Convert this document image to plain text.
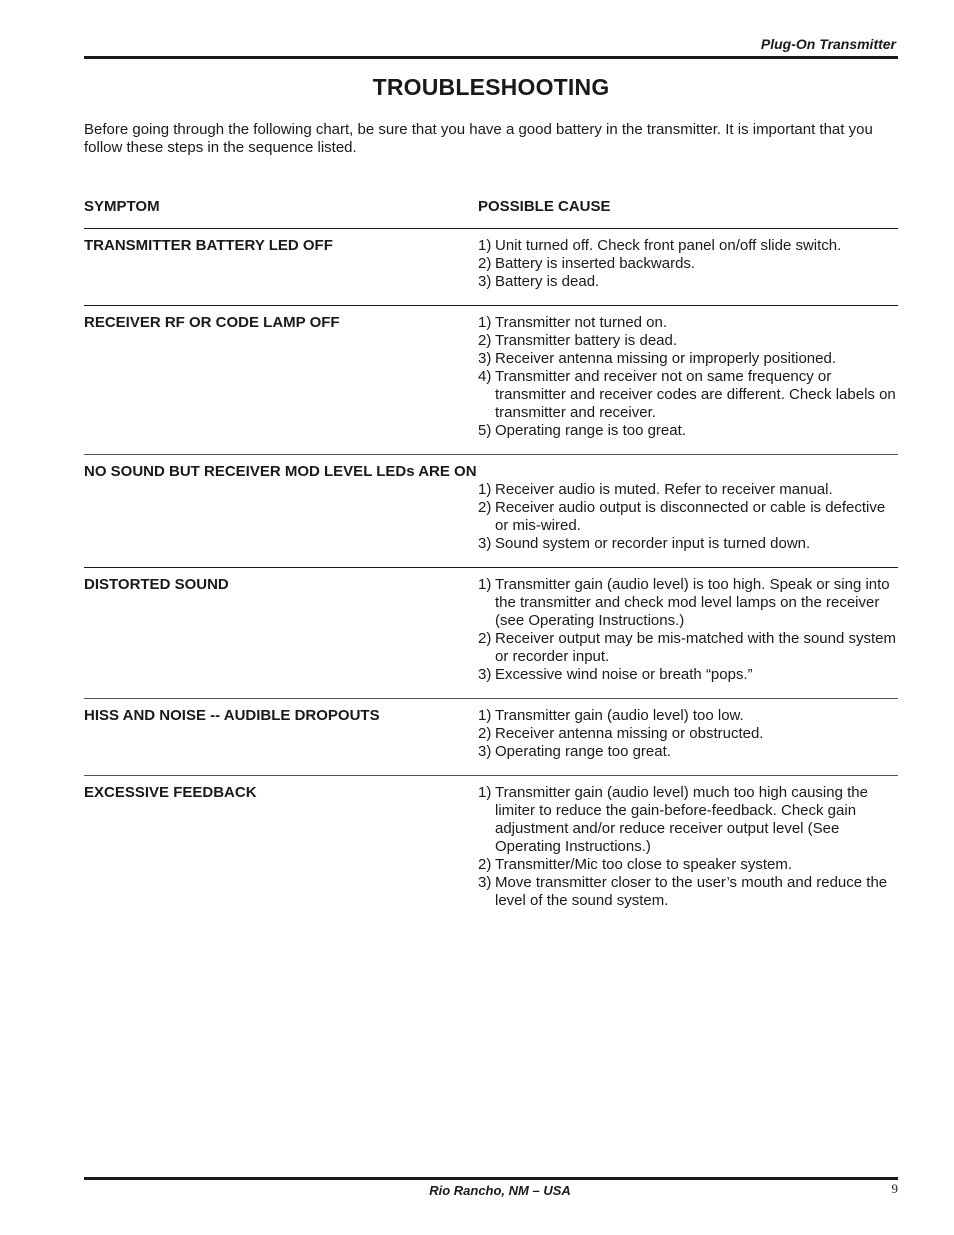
Plug-On Transmitter
TROUBLESHOOTING
Before going through the following chart, be sure that you have a good battery in the transmitter. It is important that you follow these steps in the sequence listed.
SYMPTOM	POSSIBLE CAUSE
TRANSMITTER BATTERY LED OFF	1) Unit turned off. Check front panel on/off slide switch.
2) Battery is inserted backwards.
3) Battery is dead.
RECEIVER RF OR CODE LAMP OFF	1) Transmitter not turned on.
2) Transmitter battery is dead.
3) Receiver antenna missing or improperly positioned.
4) Transmitter and receiver not on same frequency or transmitter and receiver codes are different. Check labels on transmitter and receiver.
5) Operating range is too great.
NO SOUND BUT RECEIVER MOD LEVEL LEDs ARE ON
1) Receiver audio is muted. Refer to receiver manual.
2) Receiver audio output is disconnected or cable is defective or mis-wired.
3) Sound system or recorder input is turned down.
DISTORTED SOUND	1) Transmitter gain (audio level) is too high. Speak or sing into the transmitter and check mod level lamps on the receiver (see Operating Instructions.)
2) Receiver output may be mis-matched with the sound system or recorder input.
3) Excessive wind noise or breath “pops.”
HISS AND NOISE -- AUDIBLE DROPOUTS	1) Transmitter gain (audio level) too low.
2) Receiver antenna missing or obstructed.
3) Operating range too great.
EXCESSIVE FEEDBACK	1) Transmitter gain (audio level) much too high causing the limiter to reduce the gain-before-feedback. Check gain adjustment and/or reduce receiver output level (See Operating Instructions.)
2) Transmitter/Mic too close to speaker system.
3) Move transmitter closer to the user’s mouth and reduce the level of the sound system.
Rio Rancho, NM – USA	9
